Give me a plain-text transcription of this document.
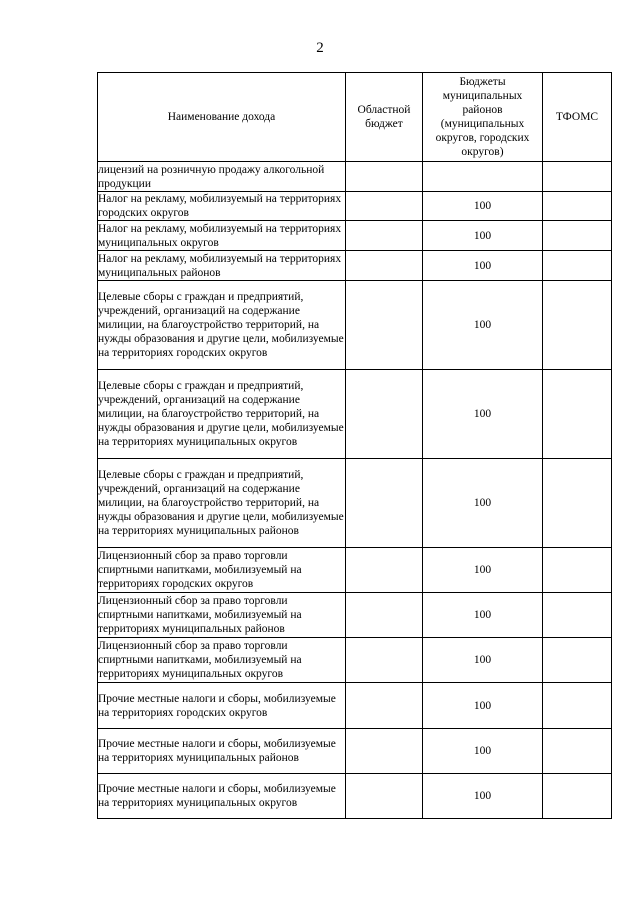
2
Наименование дохода	Областной бюджет	Бюджеты муниципальных районов (муниципальных округов, городских округов)	ТФОМС
лицензий на розничную продажу алкогольной продукции			
Налог на рекламу, мобилизуемый на территориях городских округов		100	
Налог на рекламу, мобилизуемый на территориях муниципальных округов		100	
Налог на рекламу, мобилизуемый на территориях муниципальных районов		100	
Целевые сборы с граждан и предприятий, учреждений, организаций на содержание милиции, на благоустройство территорий, на нужды образования и другие цели, мобилизуемые на территориях городских округов		100	
Целевые сборы с граждан и предприятий, учреждений, организаций на содержание милиции, на благоустройство территорий, на нужды образования и другие цели, мобилизуемые на территориях муниципальных округов		100	
Целевые сборы с граждан и предприятий, учреждений, организаций на содержание милиции, на благоустройство территорий, на нужды образования и другие цели, мобилизуемые на территориях муниципальных районов		100	
Лицензионный сбор за право торговли спиртными напитками, мобилизуемый на территориях городских округов		100	
Лицензионный сбор за право торговли спиртными напитками, мобилизуемый на территориях муниципальных районов		100	
Лицензионный сбор за право торговли спиртными напитками, мобилизуемый на территориях муниципальных округов		100	
Прочие местные налоги и сборы, мобилизуемые на территориях городских округов		100	
Прочие местные налоги и сборы, мобилизуемые на территориях муниципальных районов		100	
Прочие местные налоги и сборы, мобилизуемые на территориях муниципальных округов		100	
